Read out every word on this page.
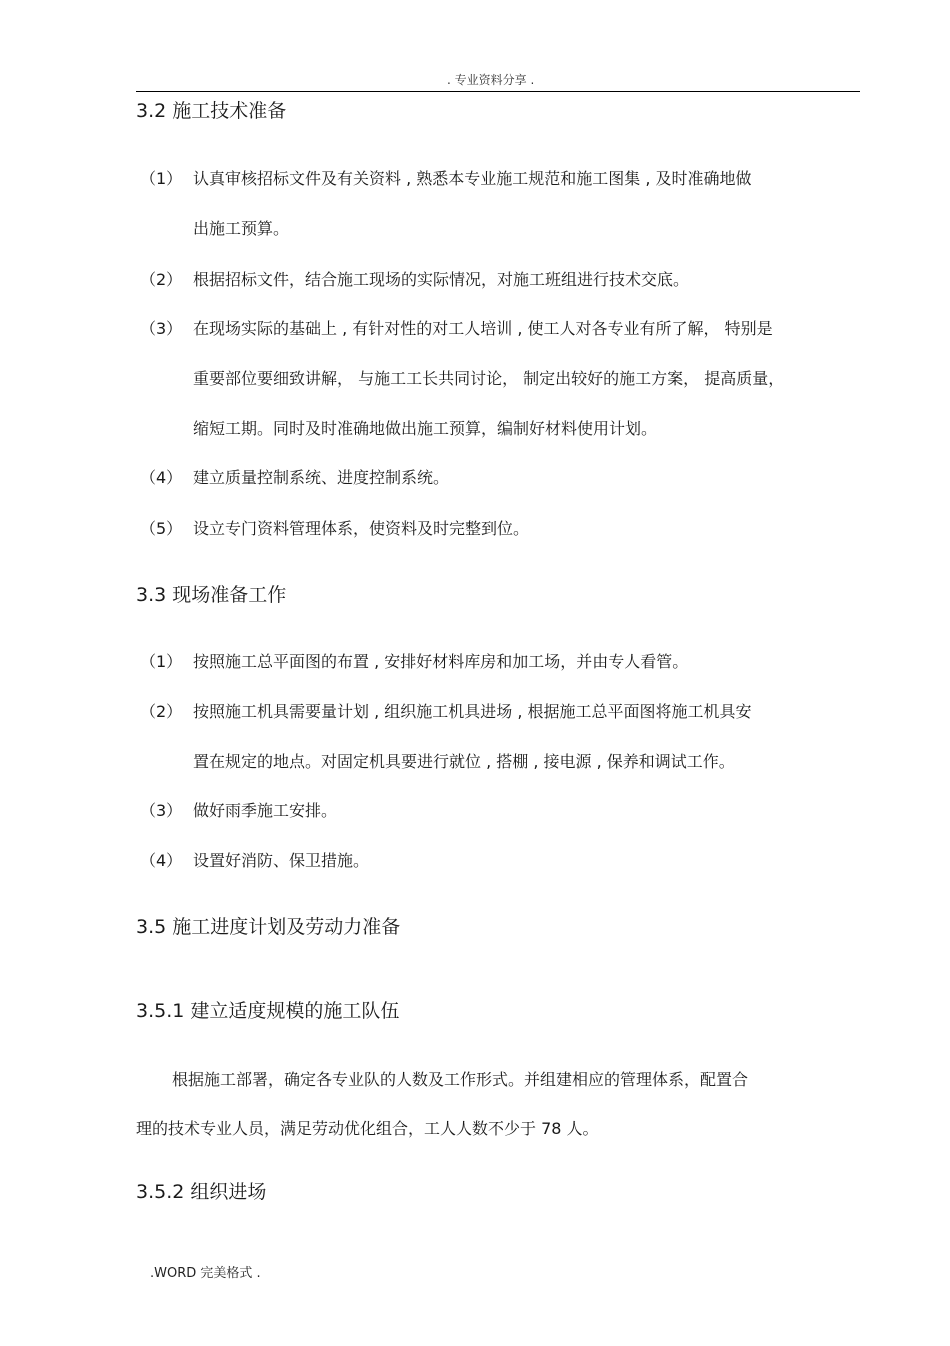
. 专业资料分享 .
3.2 施工技术准备
（1） 认真审核招标文件及有关资料 , 熟悉本专业施工规范和施工图集 , 及时准确地做
出施工预算。
（2） 根据招标文件，结合施工现场的实际情况，对施工班组进行技术交底。
（3） 在现场实际的基础上 , 有针对性的对工人培训 , 使工人对各专业有所了解， 特别是
重要部位要细致讲解， 与施工工长共同讨论， 制定出较好的施工方案， 提高质量，
缩短工期。同时及时准确地做出施工预算，编制好材料使用计划。
（4） 建立质量控制系统、进度控制系统。
（5） 设立专门资料管理体系，使资料及时完整到位。
3.3 现场准备工作
（1） 按照施工总平面图的布置 , 安排好材料库房和加工场，并由专人看管。
（2） 按照施工机具需要量计划 , 组织施工机具进场 , 根据施工总平面图将施工机具安
置在规定的地点。对固定机具要进行就位 , 搭棚 , 接电源 , 保养和调试工作。
（3） 做好雨季施工安排。
（4） 设置好消防、保卫措施。
3.5 施工进度计划及劳动力准备
3.5.1 建立适度规模的施工队伍
根据施工部署，确定各专业队的人数及工作形式。并组建相应的管理体系，配置合
理的技术专业人员，满足劳动优化组合，工人人数不少于 78 人。
3.5.2 组织进场
.WORD 完美格式 .
